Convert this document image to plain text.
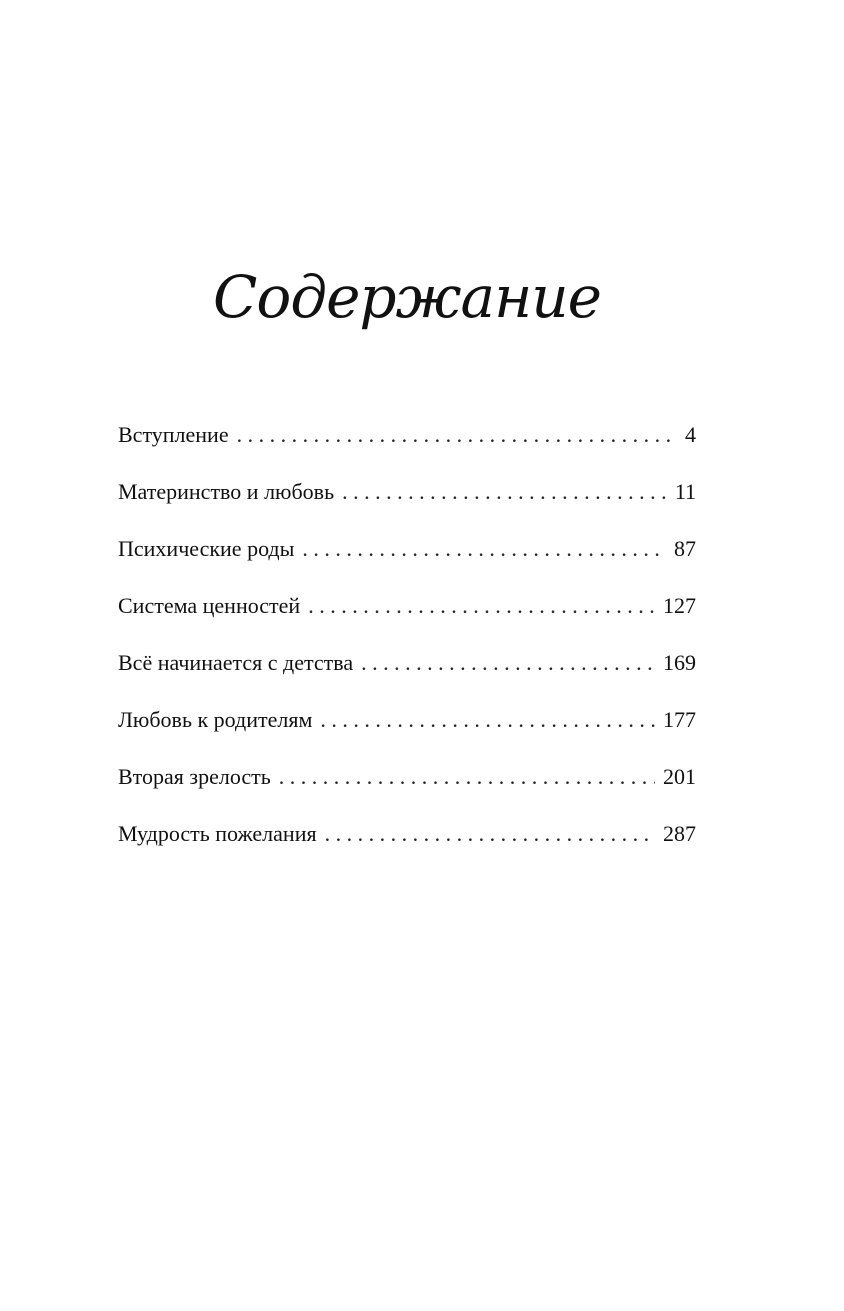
Содержание
Вступление . . .	4
Материнство и любовь . . .	11
Психические роды . . .	87
Система ценностей . . .	127
Всё начинается с детства . . .	169
Любовь к родителям . . .	177
Вторая зрелость . . .	201
Мудрость пожелания . . .	287
